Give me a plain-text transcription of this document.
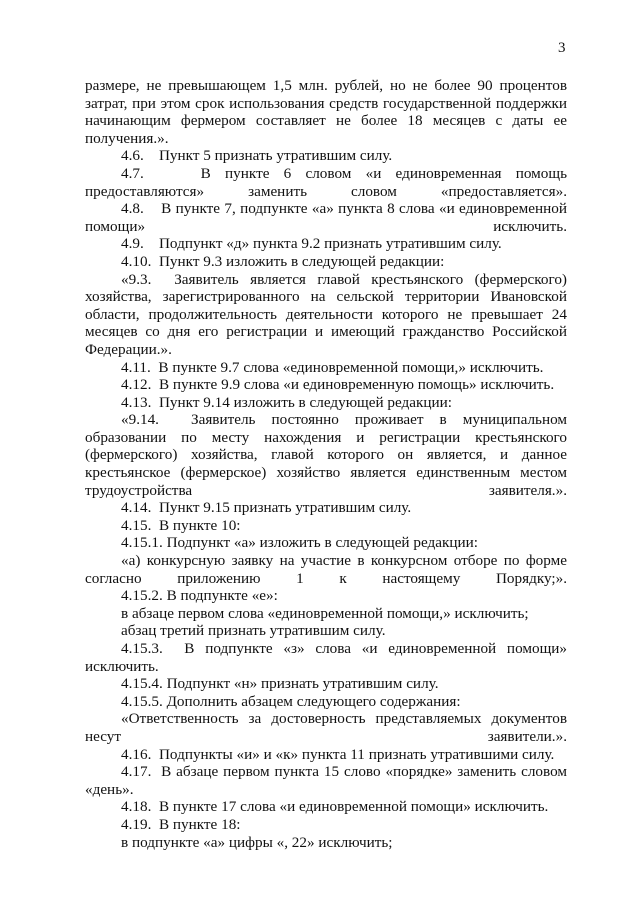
3

размере, не превышающем 1,5 млн. рублей, но не более 90 процентов затрат, при этом срок использования средств государственной поддержки начинающим фермером составляет не более 18 месяцев с даты ее получения.».

4.6.    Пункт 5 признать утратившим силу.

4.7.    В пункте 6 словом «и единовременная помощь предоставляются» заменить словом «предоставляется».

4.8.    В пункте 7, подпункте «а» пункта 8 слова «и единовременной помощи» исключить.

4.9.    Подпункт «д» пункта 9.2 признать утратившим силу.

4.10.  Пункт 9.3 изложить в следующей редакции:

«9.3.  Заявитель является главой крестьянского (фермерского) хозяйства, зарегистрированного на сельской территории Ивановской области, продолжительность деятельности которого не превышает 24 месяцев со дня его регистрации и имеющий гражданство Российской Федерации.».

4.11.  В пункте 9.7 слова «единовременной помощи,» исключить.

4.12.  В пункте 9.9 слова «и единовременную помощь» исключить.

4.13.  Пункт 9.14 изложить в следующей редакции:

«9.14.  Заявитель постоянно проживает в муниципальном образовании по месту нахождения и регистрации крестьянского (фермерского) хозяйства, главой которого он является, и данное крестьянское (фермерское) хозяйство является единственным местом трудоустройства заявителя.».

4.14.  Пункт 9.15 признать утратившим силу.

4.15.  В пункте 10:

4.15.1. Подпункт «а» изложить в следующей редакции:

«а) конкурсную заявку на участие в конкурсном отборе по форме согласно приложению 1 к настоящему Порядку;».

4.15.2. В подпункте «е»:

в абзаце первом слова «единовременной помощи,» исключить;

абзац третий признать утратившим силу.

4.15.3.  В подпункте «з» слова «и единовременной помощи» исключить.

4.15.4. Подпункт «н» признать утратившим силу.

4.15.5. Дополнить абзацем следующего содержания:

«Ответственность за достоверность представляемых документов несут заявители.».

4.16.  Подпункты «и» и «к» пункта 11 признать утратившими силу.

4.17.  В абзаце первом пункта 15 слово «порядке» заменить словом «день».

4.18.  В пункте 17 слова «и единовременной помощи» исключить.

4.19.  В пункте 18:

в подпункте «а» цифры «, 22» исключить;
